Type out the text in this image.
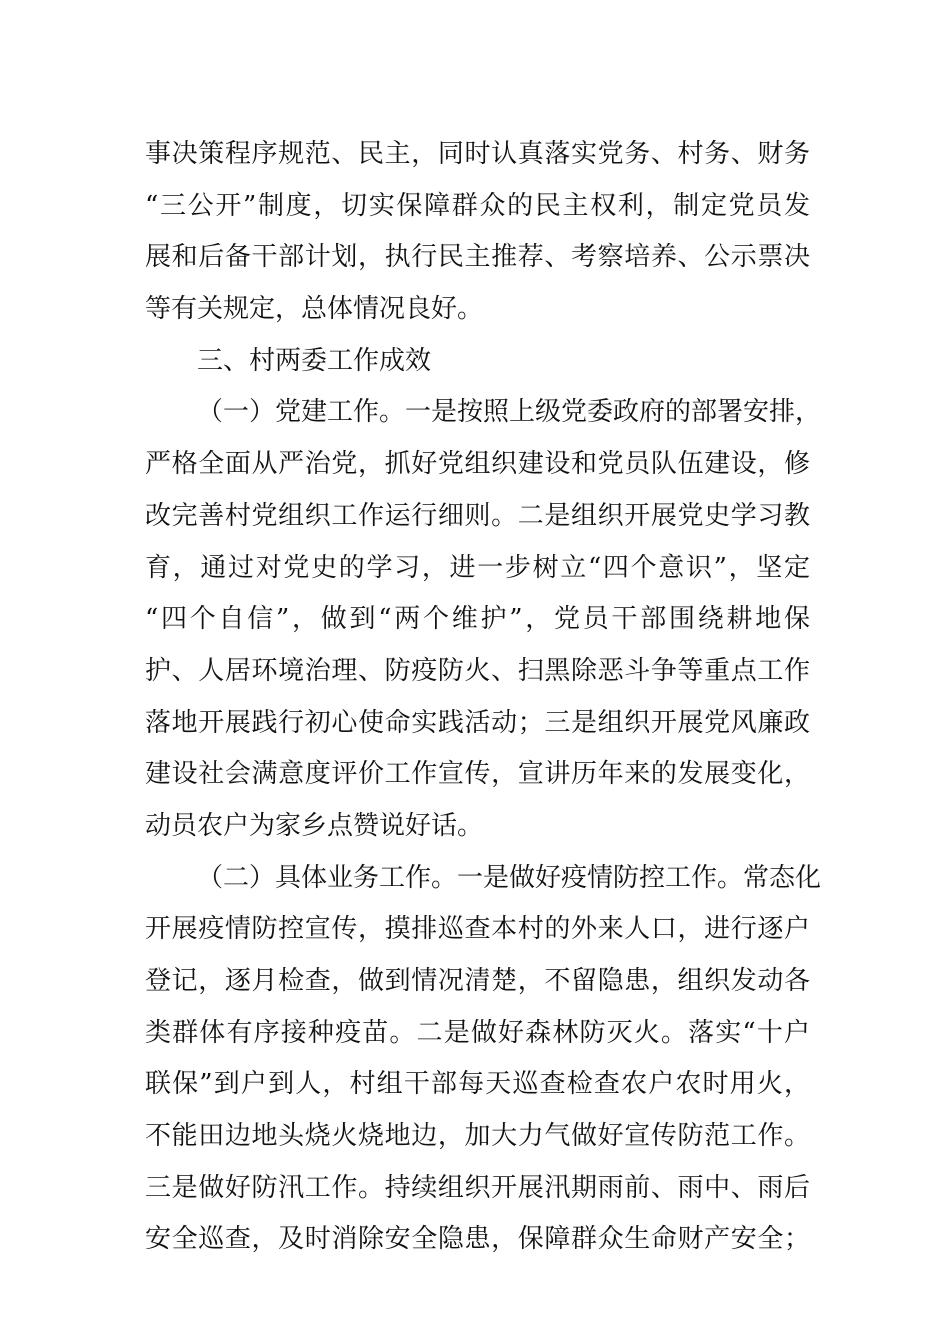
事决策程序规范、民主，同时认真落实党务、村务、财务
“三公开”制度，切实保障群众的民主权利，制定党员发
展和后备干部计划，执行民主推荐、考察培养、公示票决
等有关规定，总体情况良好。
三、村两委工作成效
（一）党建工作。一是按照上级党委政府的部署安排，
严格全面从严治党，抓好党组织建设和党员队伍建设，修
改完善村党组织工作运行细则。二是组织开展党史学习教
育，通过对党史的学习，进一步树立“四个意识”，坚定
“四个自信”，做到“两个维护”，党员干部围绕耕地保
护、人居环境治理、防疫防火、扫黑除恶斗争等重点工作
落地开展践行初心使命实践活动；三是组织开展党风廉政
建设社会满意度评价工作宣传，宣讲历年来的发展变化，
动员农户为家乡点赞说好话。
（二）具体业务工作。一是做好疫情防控工作。常态化
开展疫情防控宣传，摸排巡查本村的外来人口，进行逐户
登记，逐月检查，做到情况清楚，不留隐患，组织发动各
类群体有序接种疫苗。二是做好森林防灭火。落实“十户
联保”到户到人，村组干部每天巡查检查农户农时用火，
不能田边地头烧火烧地边，加大力气做好宣传防范工作。
三是做好防汛工作。持续组织开展汛期雨前、雨中、雨后
安全巡查，及时消除安全隐患，保障群众生命财产安全；
